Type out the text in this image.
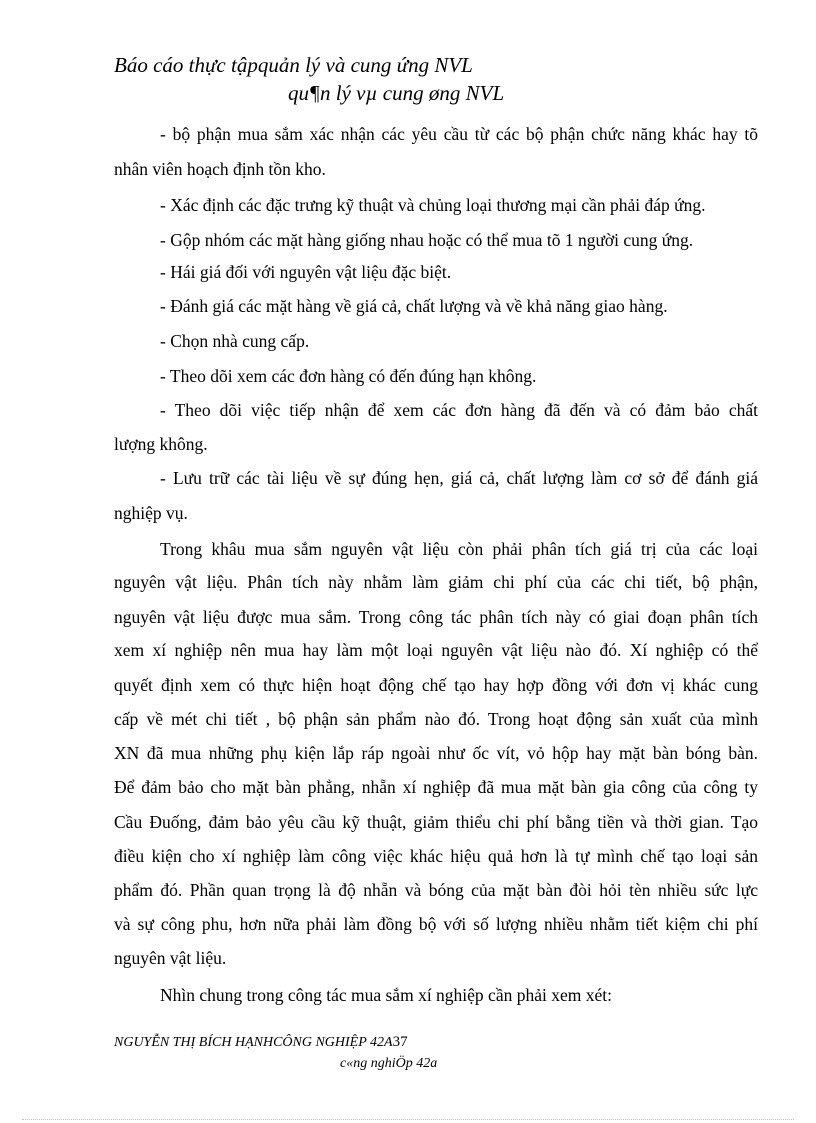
Báo cáo thực tậpquản lý và cung ứng NVL
qu¶n lý vµ cung øng NVL
- bộ phận mua sắm xác nhận các yêu cầu từ các bộ phận chức năng khác hay tõ
nhân viên hoạch định tồn kho.
- Xác định các đặc trưng kỹ thuật và chủng loại thương mại cần phải đáp ứng.
- Gộp nhóm các mặt hàng giống nhau hoặc có thể mua tõ 1 người cung ứng.
- Hái giá đối với nguyên vật liệu đặc biệt.
- Đánh giá các mặt hàng về giá cả, chất lượng và về khả năng giao hàng.
- Chọn nhà cung cấp.
- Theo dõi xem các đơn hàng có đến đúng hạn không.
- Theo dõi việc tiếp nhận để xem các đơn hàng đã đến và có đảm bảo chất
lượng không.
- Lưu trữ các tài liệu về sự đúng hẹn, giá cả, chất lượng làm cơ sở để đánh giá
nghiệp vụ.
Trong khâu mua sắm nguyên vật liệu còn phải phân tích giá trị của các loại
nguyên vật liệu. Phân tích này nhằm làm giảm chi phí của các chi tiết, bộ phận,
nguyên vật liệu được mua sắm. Trong công tác phân tích này có giai đoạn phân tích
xem xí nghiệp nên mua hay làm một loại nguyên vật liệu nào đó. Xí nghiệp có thể
quyết định xem có thực hiện hoạt động chế tạo hay hợp đồng với đơn vị khác cung
cấp về mét chi tiết , bộ phận sản phẩm nào đó. Trong hoạt động sản xuất của mình
XN đã mua những phụ kiện lắp ráp ngoài như ốc vít, vỏ hộp hay mặt bàn bóng bàn.
Để đảm bảo cho mặt bàn phẳng, nhẵn xí nghiệp đã mua mặt bàn gia công của công ty
Cầu Đuống, đảm bảo yêu cầu kỹ thuật, giảm thiểu chi phí bằng tiền và thời gian. Tạo
điều kiện cho xí nghiệp làm công việc khác hiệu quả hơn là tự mình chế tạo loại sản
phẩm đó. Phần quan trọng là độ nhẵn và bóng của mặt bàn đòi hỏi tèn nhiều sức lực
và sự công phu, hơn nữa phải làm đồng bộ với số lượng nhiều nhằm tiết kiệm chi phí
nguyên vật liệu.
Nhìn chung trong công tác mua sắm xí nghiệp cần phải xem xét:
NGUYỄN THỊ BÍCH HẠNHCÔNG NGHIỆP 42A37
c«ng nghiÖp 42a
